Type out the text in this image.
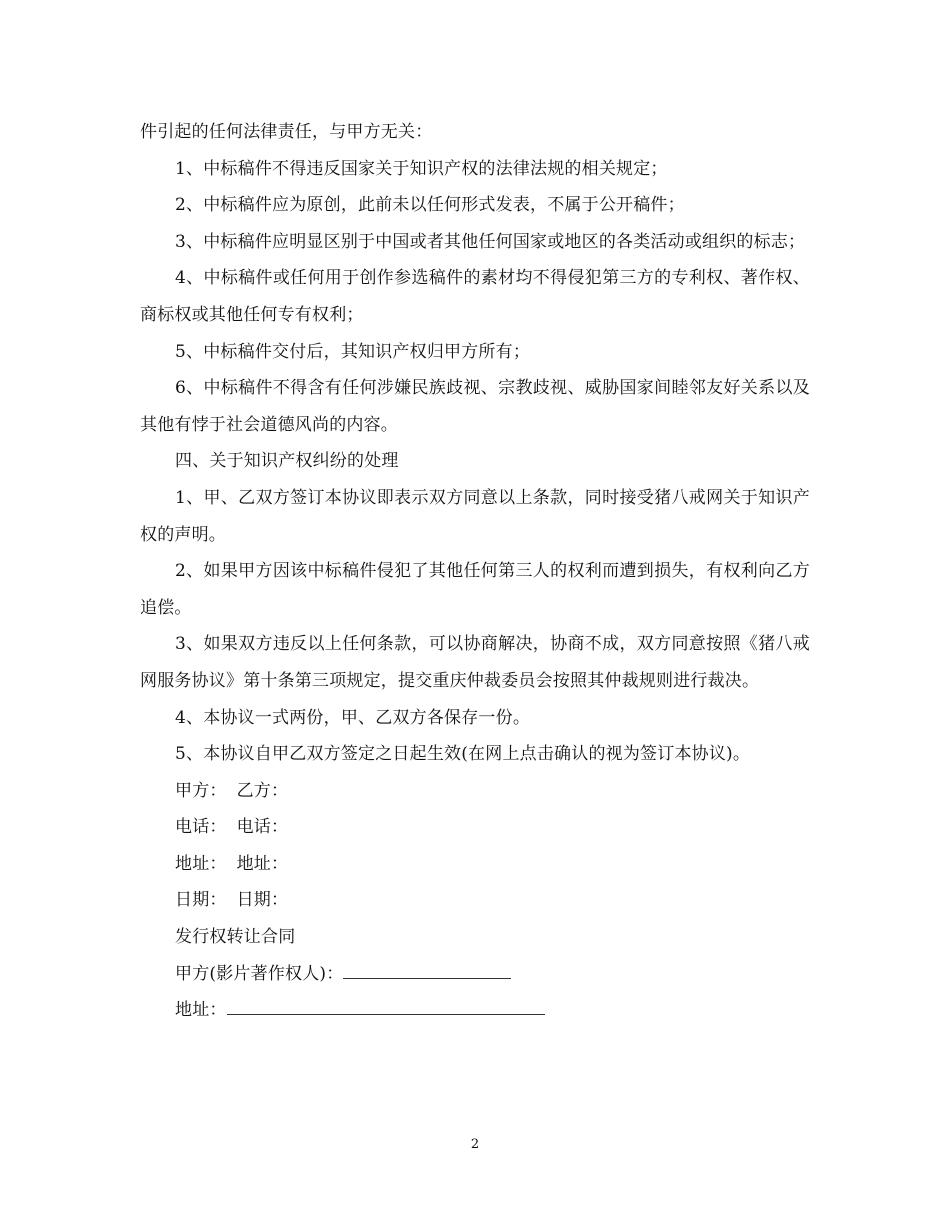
件引起的任何法律责任，与甲方无关：

1、中标稿件不得违反国家关于知识产权的法律法规的相关规定；

2、中标稿件应为原创，此前未以任何形式发表，不属于公开稿件；

3、中标稿件应明显区别于中国或者其他任何国家或地区的各类活动或组织的标志；

4、中标稿件或任何用于创作参选稿件的素材均不得侵犯第三方的专利权、著作权、商标权或其他任何专有权利；

5、中标稿件交付后，其知识产权归甲方所有；

6、中标稿件不得含有任何涉嫌民族歧视、宗教歧视、威胁国家间睦邻友好关系以及其他有悖于社会道德风尚的内容。

四、关于知识产权纠纷的处理

1、甲、乙双方签订本协议即表示双方同意以上条款，同时接受猪八戒网关于知识产权的声明。

2、如果甲方因该中标稿件侵犯了其他任何第三人的权利而遭到损失，有权利向乙方追偿。

3、如果双方违反以上任何条款，可以协商解决，协商不成，双方同意按照《猪八戒网服务协议》第十条第三项规定，提交重庆仲裁委员会按照其仲裁规则进行裁决。

4、本协议一式两份，甲、乙双方各保存一份。

5、本协议自甲乙双方签定之日起生效(在网上点击确认的视为签订本协议)。

甲方： 乙方：
电话： 电话：
地址： 地址：
日期： 日期：

发行权转让合同

甲方(影片著作权人)：
地址：
2
